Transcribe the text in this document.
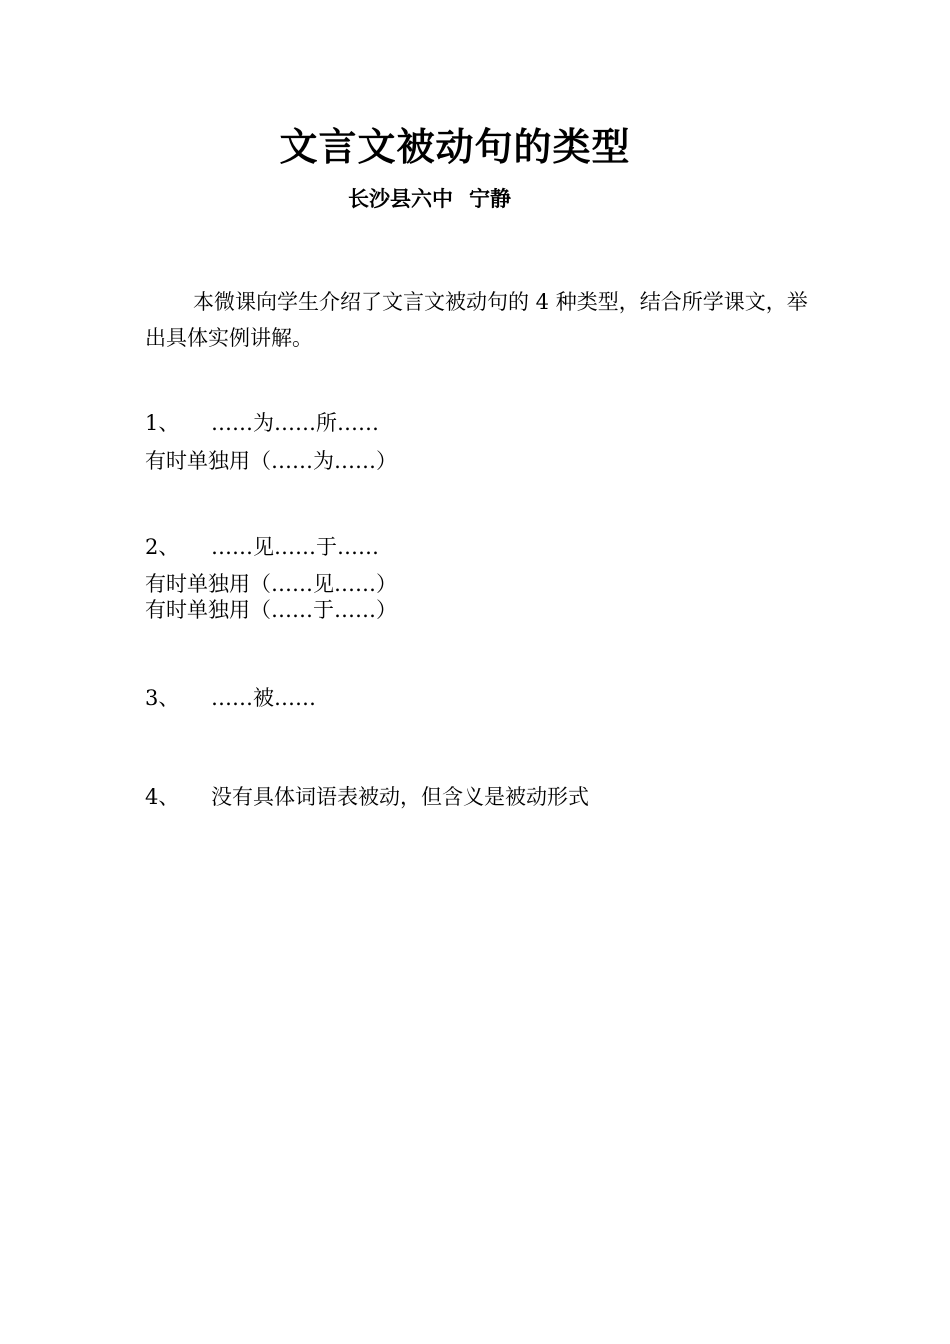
文言文被动句的类型
长沙县六中 宁静
本微课向学生介绍了文言文被动句的 4 种类型，结合所学课文，举出具体实例讲解。
1、 ……为……所……
有时单独用（……为……）
2、 ……见……于……
有时单独用（……见……）
有时单独用（……于……）
3、 ……被……
4、 没有具体词语表被动，但含义是被动形式
